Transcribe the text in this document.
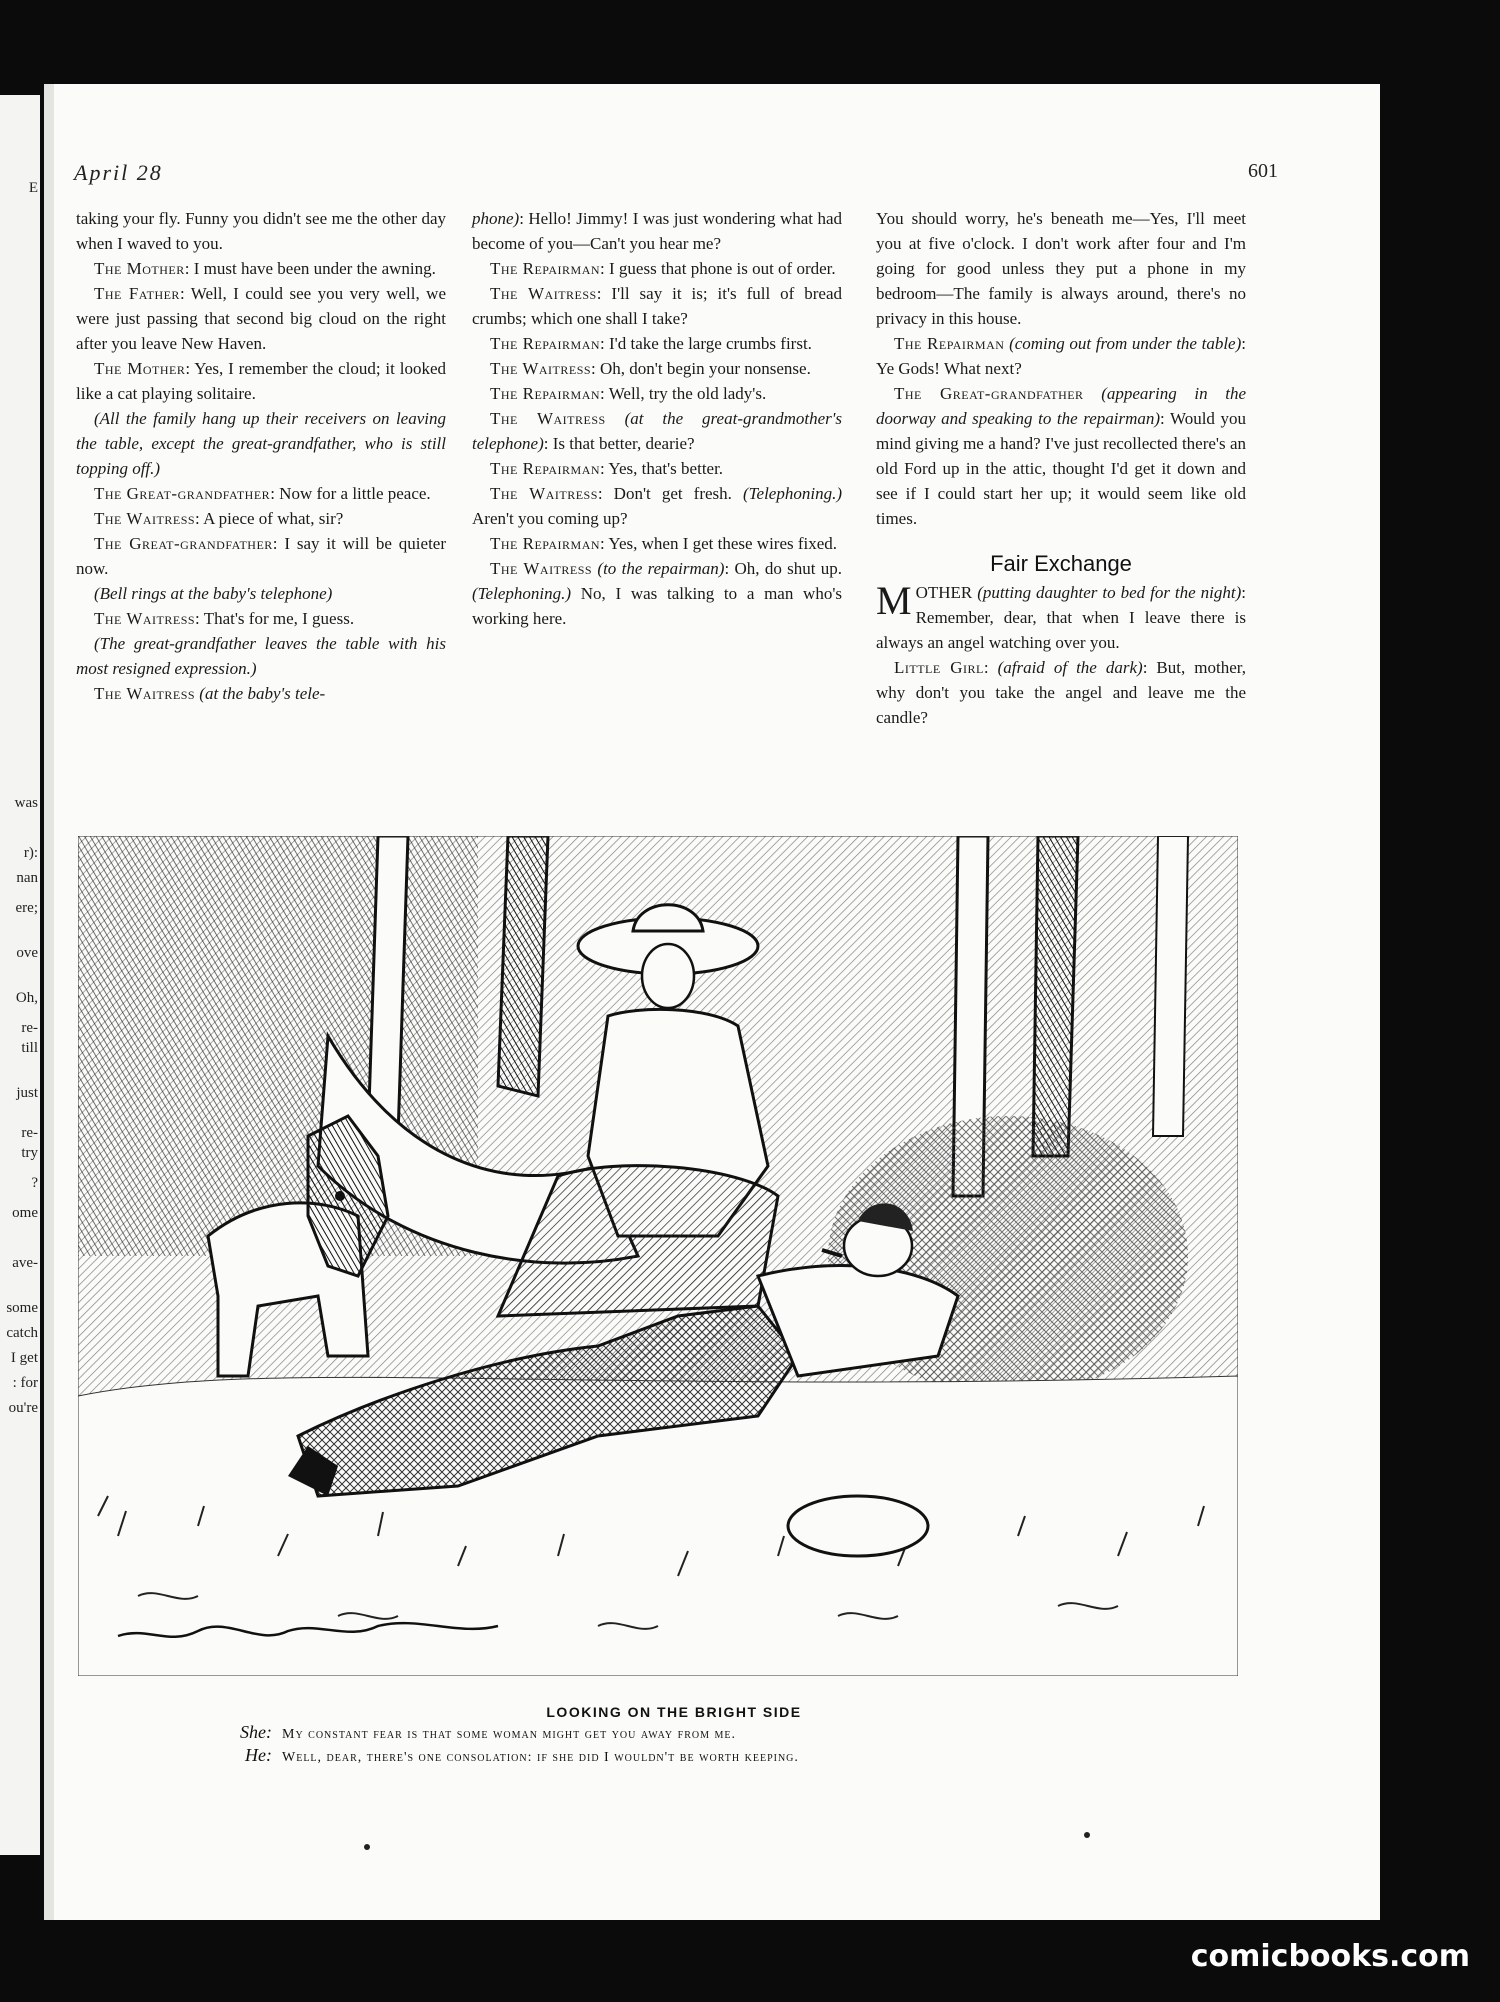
E
was
r):
nan
ere;
ove
Oh,
re-
till
just
re-
try
?
ome
ave-
some
catch
I get
: for
ou're
April 28	601

taking your fly. Funny you didn't see me the other day when I waved to you.

The Mother: I must have been under the awning.

The Father: Well, I could see you very well, we were just passing that second big cloud on the right after you leave New Haven.

The Mother: Yes, I remember the cloud; it looked like a cat playing solitaire.

(All the family hang up their receivers on leaving the table, except the great-grandfather, who is still topping off.)

The Great-grandfather: Now for a little peace.

The Waitress: A piece of what, sir?

The Great-grandfather: I say it will be quieter now.

(Bell rings at the baby's telephone)

The Waitress: That's for me, I guess.

(The great-grandfather leaves the table with his most resigned expression.)

The Waitress (at the baby's tele-

phone): Hello! Jimmy! I was just wondering what had become of you—Can't you hear me?

The Repairman: I guess that phone is out of order.

The Waitress: I'll say it is; it's full of bread crumbs; which one shall I take?

The Repairman: I'd take the large crumbs first.

The Waitress: Oh, don't begin your nonsense.

The Repairman: Well, try the old lady's.

The Waitress (at the great-grandmother's telephone): Is that better, dearie?

The Repairman: Yes, that's better.

The Waitress: Don't get fresh. (Telephoning.) Aren't you coming up?

The Repairman: Yes, when I get these wires fixed.

The Waitress (to the repairman): Oh, do shut up. (Telephoning.) No, I was talking to a man who's working here.

You should worry, he's beneath me—Yes, I'll meet you at five o'clock. I don't work after four and I'm going for good unless they put a phone in my bedroom—The family is always around, there's no privacy in this house.

The Repairman (coming out from under the table): Ye Gods! What next?

The Great-grandfather (appearing in the doorway and speaking to the repairman): Would you mind giving me a hand? I've just recollected there's an old Ford up in the attic, thought I'd get it down and see if I could start her up; it would seem like old times.

Fair Exchange

MOTHER (putting daughter to bed for the night): Remember, dear, that when I leave there is always an angel watching over you.

Little Girl: (afraid of the dark): But, mother, why don't you take the angel and leave me the candle?

LOOKING ON THE BRIGHT SIDE
She: My constant fear is that some woman might get you away from me.
He: Well, dear, there's one consolation: if she did I wouldn't be worth keeping.
comicbooks.com
